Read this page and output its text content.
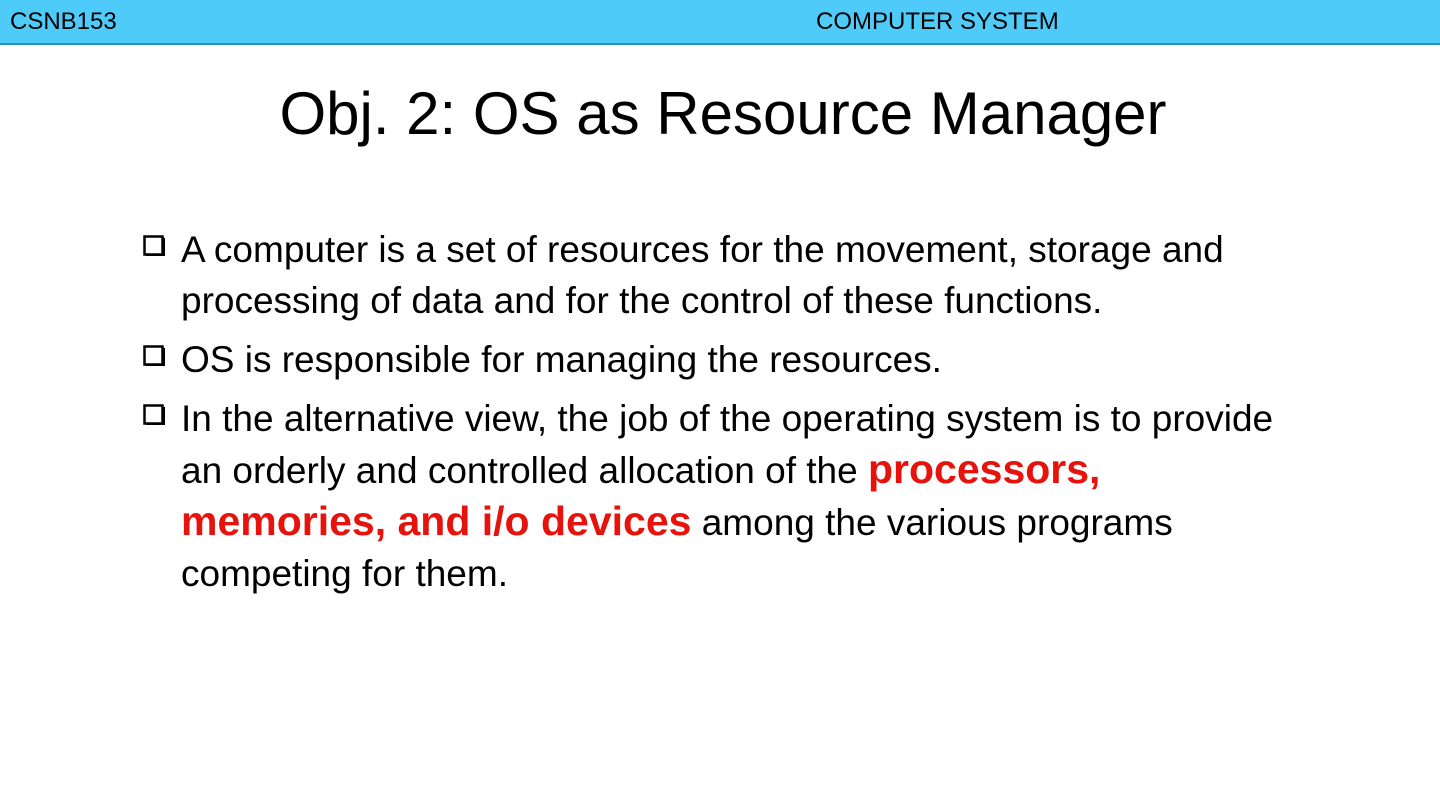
CSNB153	COMPUTER SYSTEM
Obj. 2: OS as Resource Manager
A computer is a set of resources for the movement, storage and processing of data and for the control of these functions.
OS is responsible for managing the resources.
In the alternative view, the job of the operating system is to provide an orderly and controlled allocation of the processors, memories, and i/o devices among the various programs competing for them.
